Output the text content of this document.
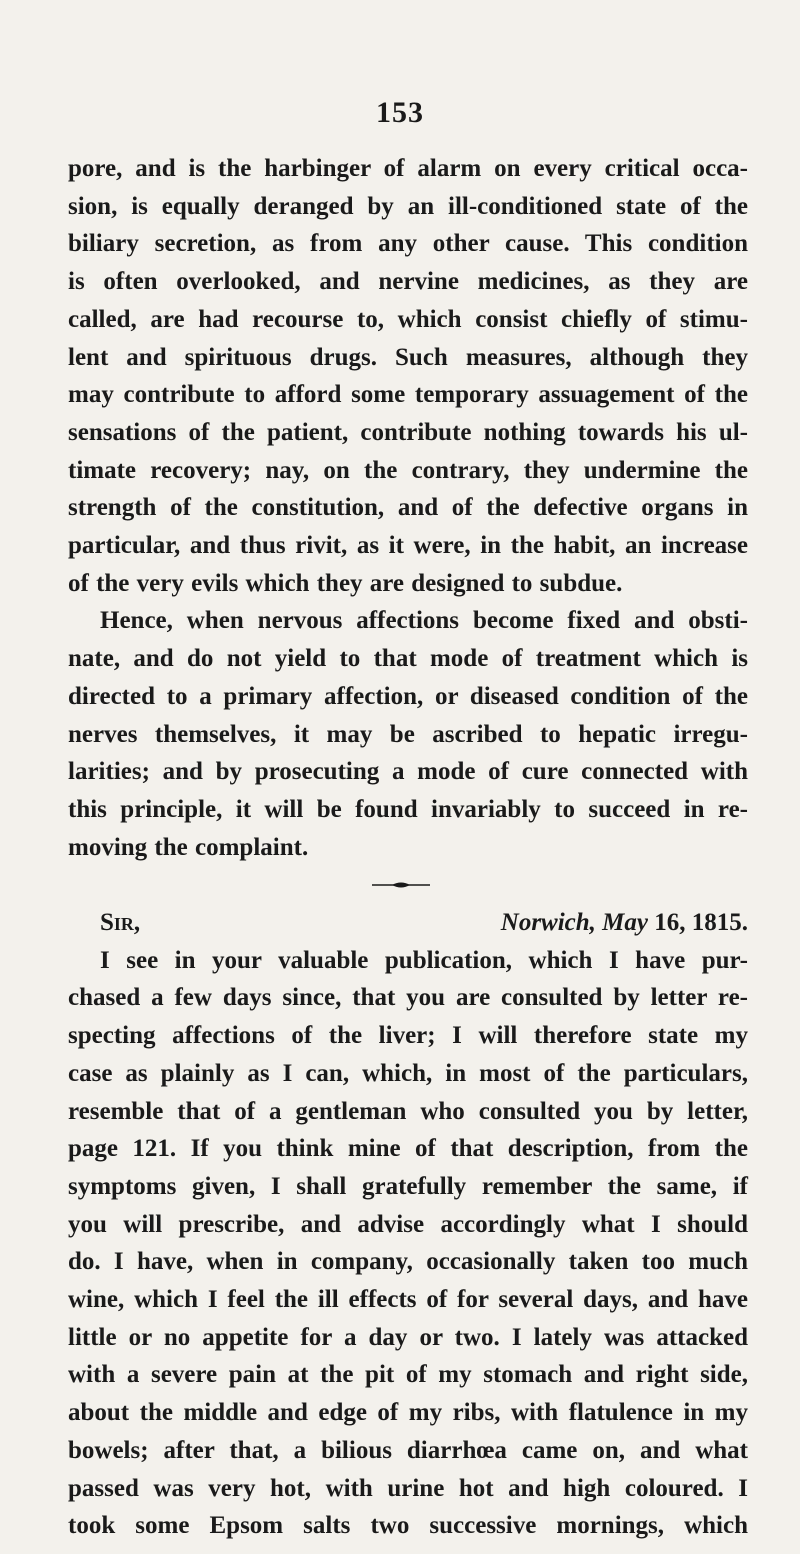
153
pore, and is the harbinger of alarm on every critical occa-
sion, is equally deranged by an ill-conditioned state of the
biliary secretion, as from any other cause. This condition
is often overlooked, and nervine medicines, as they are
called, are had recourse to, which consist chiefly of stimu-
lent and spirituous drugs. Such measures, although they
may contribute to afford some temporary assuagement of the
sensations of the patient, contribute nothing towards his ul-
timate recovery; nay, on the contrary, they undermine the
strength of the constitution, and of the defective organs in
particular, and thus rivit, as it were, in the habit, an increase
of the very evils which they are designed to subdue.
Hence, when nervous affections become fixed and obsti-
nate, and do not yield to that mode of treatment which is
directed to a primary affection, or diseased condition of the
nerves themselves, it may be ascribed to hepatic irregu-
larities; and by prosecuting a mode of cure connected with
this principle, it will be found invariably to succeed in re-
moving the complaint.
Sir,	Norwich, May 16, 1815.
I see in your valuable publication, which I have pur-
chased a few days since, that you are consulted by letter re-
specting affections of the liver; I will therefore state my
case as plainly as I can, which, in most of the particulars,
resemble that of a gentleman who consulted you by letter,
page 121. If you think mine of that description, from the
symptoms given, I shall gratefully remember the same, if
you will prescribe, and advise accordingly what I should
do. I have, when in company, occasionally taken too much
wine, which I feel the ill effects of for several days, and have
little or no appetite for a day or two. I lately was attacked
with a severe pain at the pit of my stomach and right side,
about the middle and edge of my ribs, with flatulence in my
bowels; after that, a bilious diarrhœa came on, and what
passed was very hot, with urine hot and high coloured. I
took some Epsom salts two successive mornings, which
